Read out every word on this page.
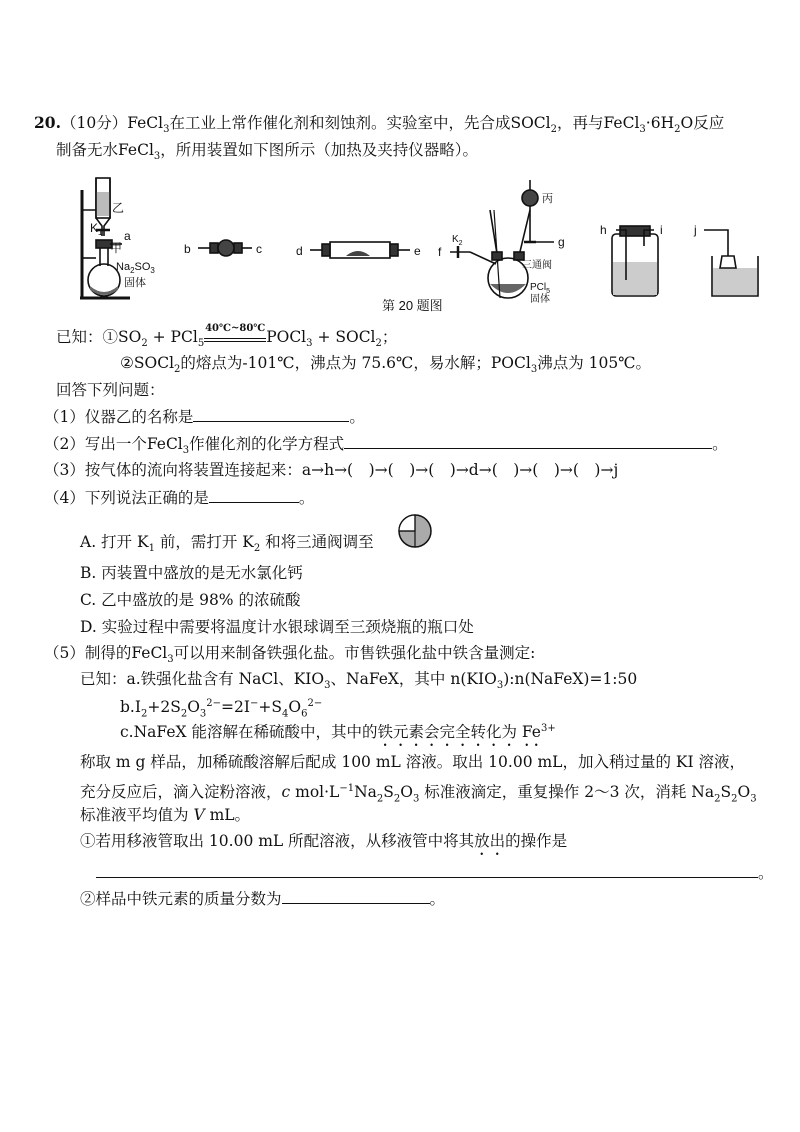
20.（10分）FeCl$_3$在工业上常作催化剂和刻蚀剂。实验室中，先合成SOCl$_2$，再与$FeCl_3\cdot 6H_2O$反应
制备无水FeCl$_3$，所用装置如下图所示（加热及夹持仪器略）。
乙
$K_1$ a
甲
$Na_2SO_3$
固体
b	c	d	e f
$K_2$
丙
g
三通阀
PCl$_5$
固体
h	i	j
第 20 题图
已知：$①SO_2 + PCl_5$
40℃~80℃ POCl$_3$ + SOCl$_2$；
②SOCl$_2$的熔点为-101℃，沸点为 75.6℃，易水解；POCl$_3$沸点为 105℃。
回答下列问题：
（1）仪器乙的名称是	。
（2）写出一个FeCl$_3$作催化剂的化学方程式	。
（3）按气体的流向将装置连接起来：a→h→(　)→(　)→(　)→d→(　)→(　)→(　)→j
（4）下列说法正确的是	。
A. 打开 $K_1$ 前，需打开 $K_2$ 和将三通阀调至
B. 丙装置中盛放的是无水氯化钙
C. 乙中盛放的是 98% 的浓硫酸
D. 实验过程中需要将温度计水银球调至三颈烧瓶的瓶口处
（5）制得的FeCl$_3$可以用来制备铁强化盐。市售铁强化盐中铁含量测定:
已知：a.铁强化盐含有 NaCl、$KIO_3$、NaFeX，其中 $n(KIO_3):n(NaFeX)=1:50$
$b.I_2+2S_2O_3^{2-}=2I^-+S_4O_6^{2-}$
c.NaFeX 能溶解在稀硫酸中，其中的铁元素会完全转化为 $Fe^{3+}$
称取 m g 样品，加稀硫酸溶解后配成 100 mL 溶液。取出 10.00 mL，加入稍过量的 KI 溶液，
充分反应后，滴入淀粉溶液，c $mol\cdot L^{-1}Na_2S_2O_3$ 标准液滴定，重复操作 2～3 次，消耗 $Na_2S_2O_3$
标准液平均值为 V mL。
①若用移液管取出 10.00 mL 所配溶液，从移液管中将其放出的操作是
。
②样品中铁元素的质量分数为	。
